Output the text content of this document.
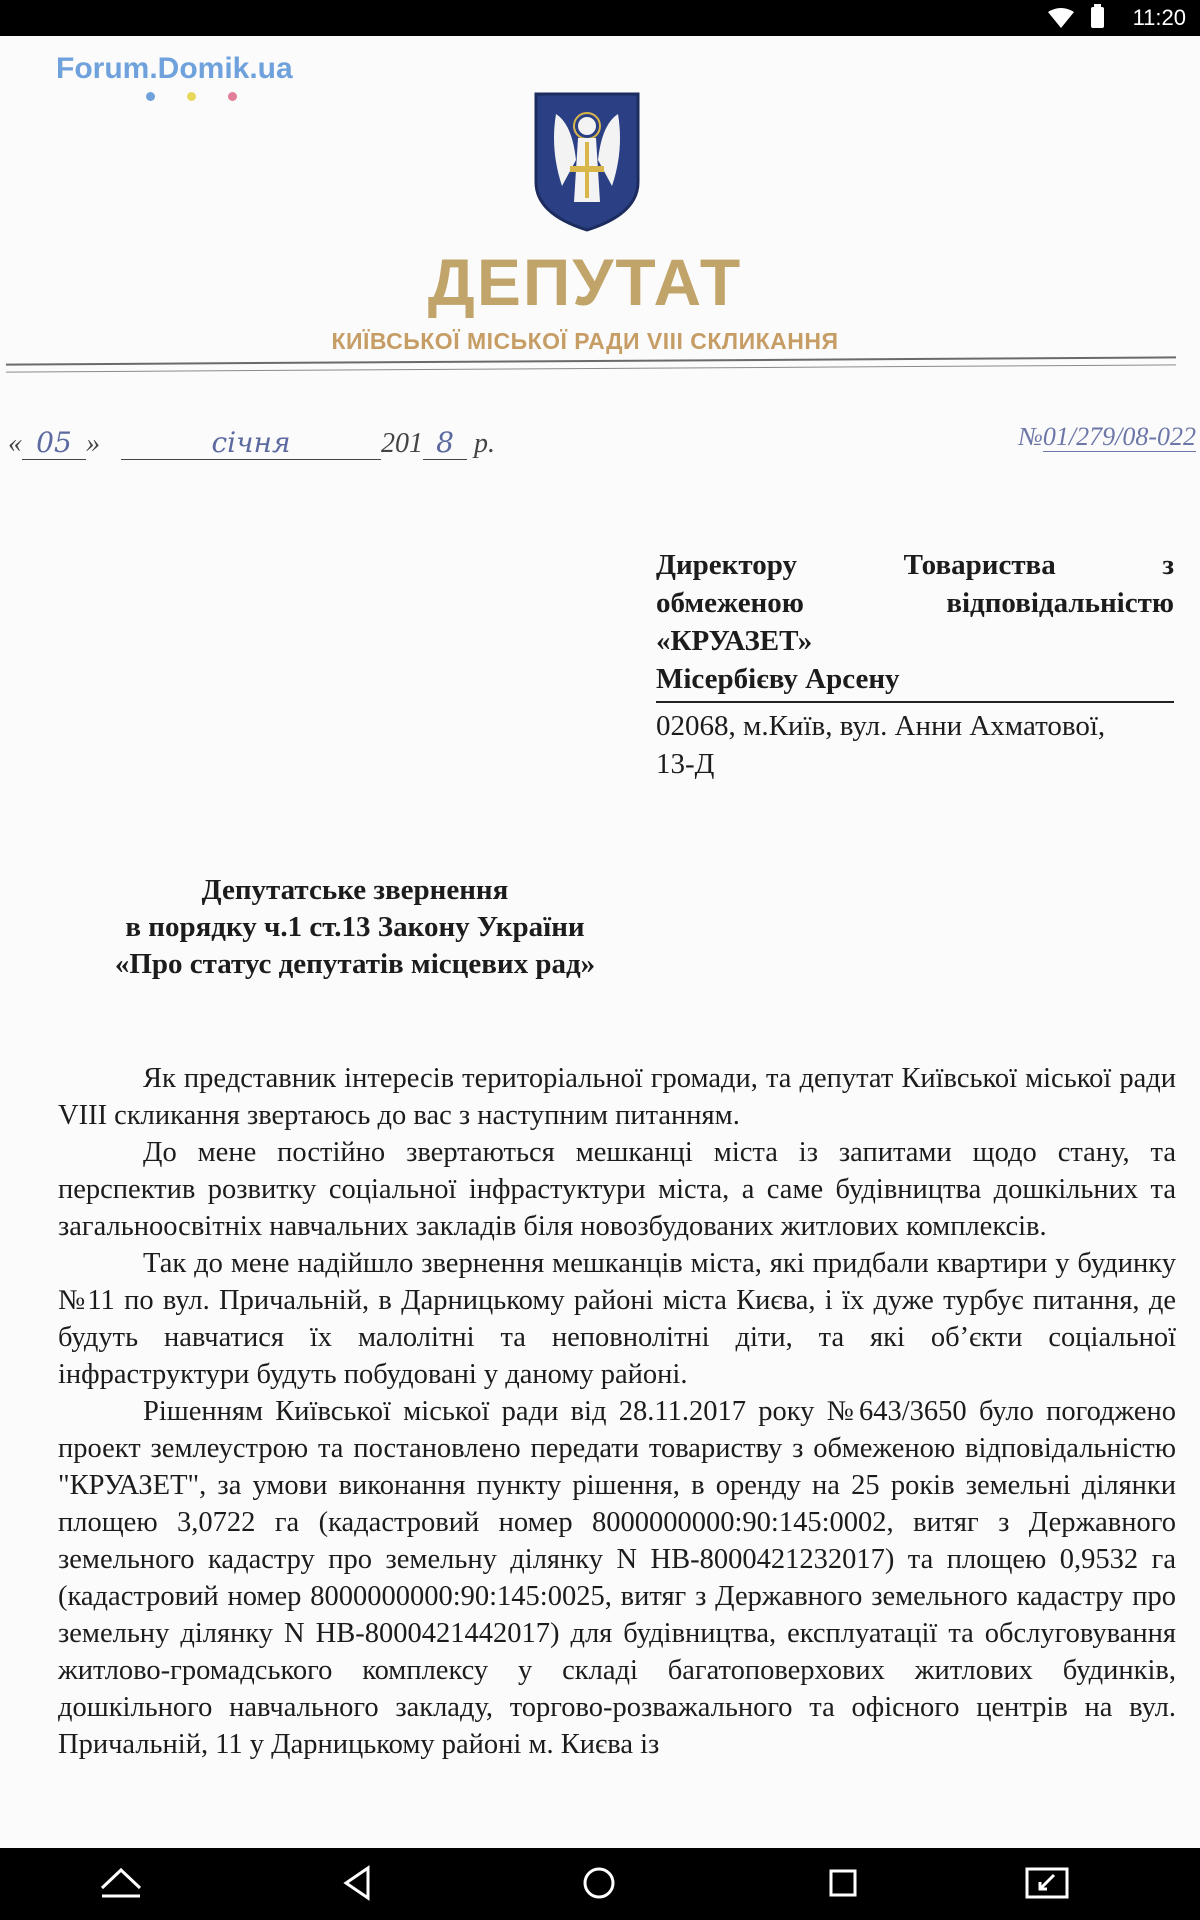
11:20
Forum.Domik.ua
ДЕПУТАТ
КИЇВСЬКОЇ МІСЬКОЇ РАДИ VIII СКЛИКАННЯ
« 05 »	січня	201 8 р.	№01/279/08-022
Директору	Товариства з
обмеженою	відповідальністю
«КРУАЗЕТ»
Місербієву Арсену
02068, м.Київ, вул. Анни Ахматової,
13-Д
Депутатське звернення
в порядку ч.1 ст.13 Закону України
«Про статус депутатів місцевих рад»

Як представник інтересів територіальної громади, та депутат Київської міської ради VIII скликання звертаюсь до вас з наступним питанням.

До мене постійно звертаються мешканці міста із запитами щодо стану, та перспектив розвитку соціальної інфрастуктури міста, а саме будівництва дошкільних та загальноосвітніх навчальних закладів біля новозбудованих житлових комплексів.

Так до мене надійшло звернення мешканців міста, які придбали квартири у будинку №11 по вул. Причальній, в Дарницькому районі міста Києва, і їх дуже турбує питання, де будуть навчатися їх малолітні та неповнолітні діти, та які об’єкти соціальної інфраструктури будуть побудовані у даному районі.

Рішенням Київської міської ради від 28.11.2017 року №643/3650 було погоджено проект землеустрою та постановлено передати товариству з обмеженою відповідальністю "КРУАЗЕТ", за умови виконання пункту рішення, в оренду на 25 років земельні ділянки площею 3,0722 га (кадастровий номер 8000000000:90:145:0002, витяг з Державного земельного кадастру про земельну ділянку N НВ-8000421232017) та площею 0,9532 га (кадастровий номер 8000000000:90:145:0025, витяг з Державного земельного кадастру про земельну ділянку N НВ-8000421442017) для будівництва, експлуатації та обслуговування житлово-громадського комплексу у складі багатоповерхових житлових будинків, дошкільного навчального закладу, торгово-розважального та офісного центрів на вул. Причальній, 11 у Дарницькому районі м. Києва із
